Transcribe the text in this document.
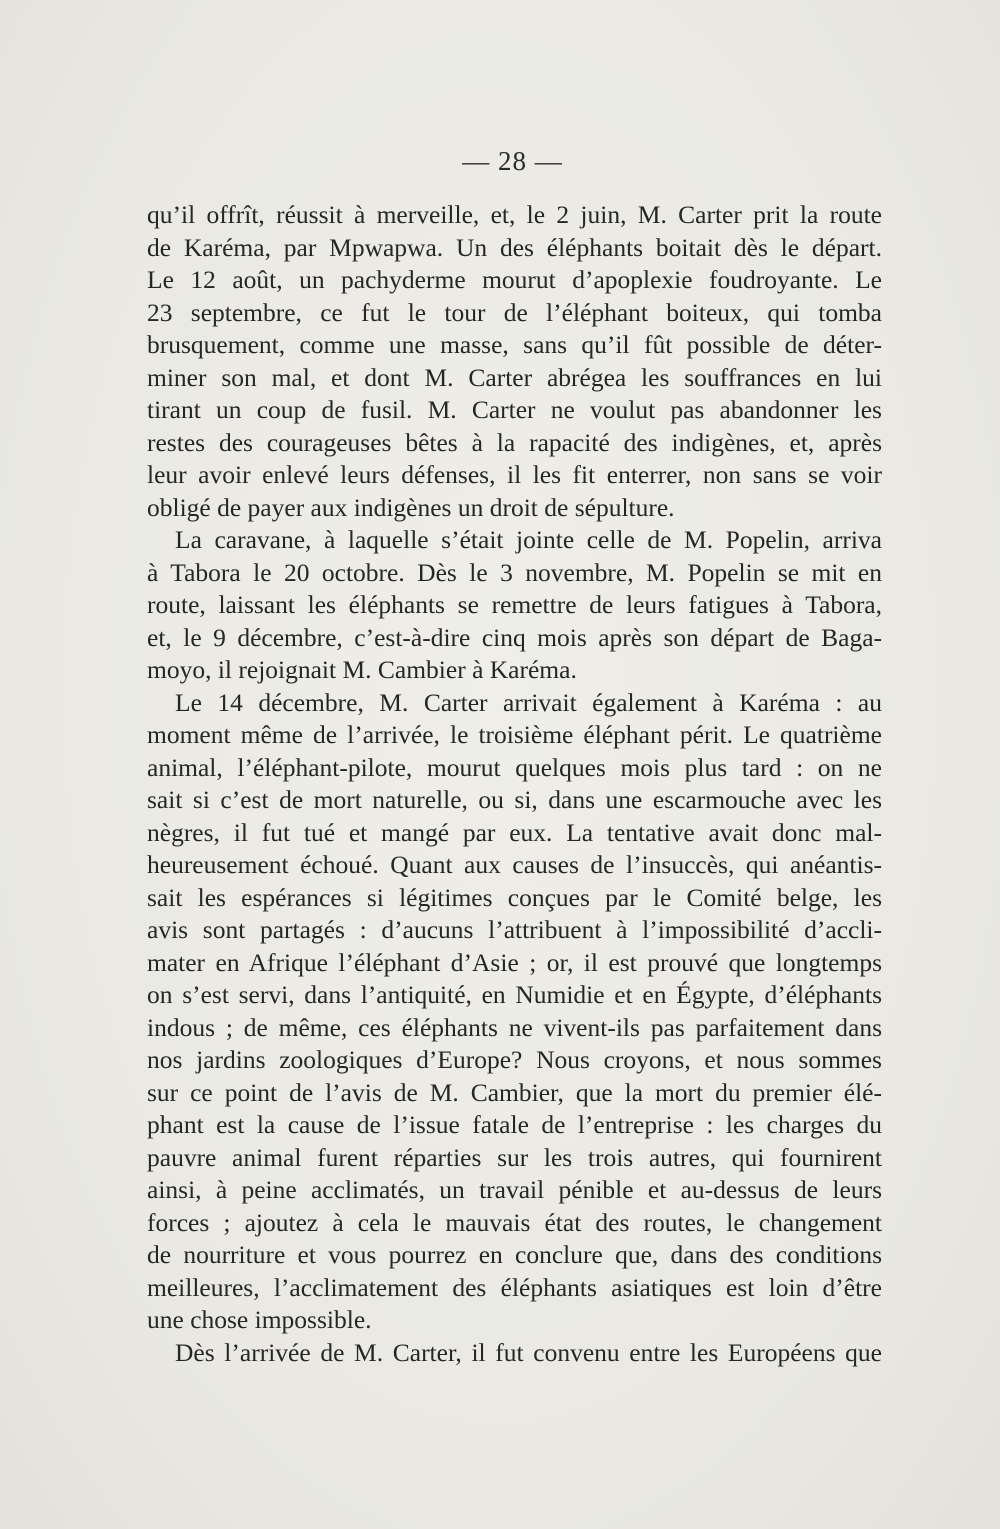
— 28 —
qu’il offrît, réussit à merveille, et, le 2 juin, M. Carter prit la route
de Karéma, par Mpwapwa. Un des éléphants boitait dès le départ.
Le 12 août, un pachyderme mourut d’apoplexie foudroyante. Le
23 septembre, ce fut le tour de l’éléphant boiteux, qui tomba
brusquement, comme une masse, sans qu’il fût possible de déter-
miner son mal, et dont M. Carter abrégea les souffrances en lui
tirant un coup de fusil. M. Carter ne voulut pas abandonner les
restes des courageuses bêtes à la rapacité des indigènes, et, après
leur avoir enlevé leurs défenses, il les fit enterrer, non sans se voir
obligé de payer aux indigènes un droit de sépulture.
La caravane, à laquelle s’était jointe celle de M. Popelin, arriva
à Tabora le 20 octobre. Dès le 3 novembre, M. Popelin se mit en
route, laissant les éléphants se remettre de leurs fatigues à Tabora,
et, le 9 décembre, c’est-à-dire cinq mois après son départ de Baga-
moyo, il rejoignait M. Cambier à Karéma.
Le 14 décembre, M. Carter arrivait également à Karéma : au
moment même de l’arrivée, le troisième éléphant périt. Le quatrième
animal, l’éléphant-pilote, mourut quelques mois plus tard : on ne
sait si c’est de mort naturelle, ou si, dans une escarmouche avec les
nègres, il fut tué et mangé par eux. La tentative avait donc mal-
heureusement échoué. Quant aux causes de l’insuccès, qui anéantis-
sait les espérances si légitimes conçues par le Comité belge, les
avis sont partagés : d’aucuns l’attribuent à l’impossibilité d’accli-
mater en Afrique l’éléphant d’Asie ; or, il est prouvé que longtemps
on s’est servi, dans l’antiquité, en Numidie et en Égypte, d’éléphants
indous ; de même, ces éléphants ne vivent-ils pas parfaitement dans
nos jardins zoologiques d’Europe? Nous croyons, et nous sommes
sur ce point de l’avis de M. Cambier, que la mort du premier élé-
phant est la cause de l’issue fatale de l’entreprise : les charges du
pauvre animal furent réparties sur les trois autres, qui fournirent
ainsi, à peine acclimatés, un travail pénible et au-dessus de leurs
forces ; ajoutez à cela le mauvais état des routes, le changement
de nourriture et vous pourrez en conclure que, dans des conditions
meilleures, l’acclimatement des éléphants asiatiques est loin d’être
une chose impossible.
Dès l’arrivée de M. Carter, il fut convenu entre les Européens que
